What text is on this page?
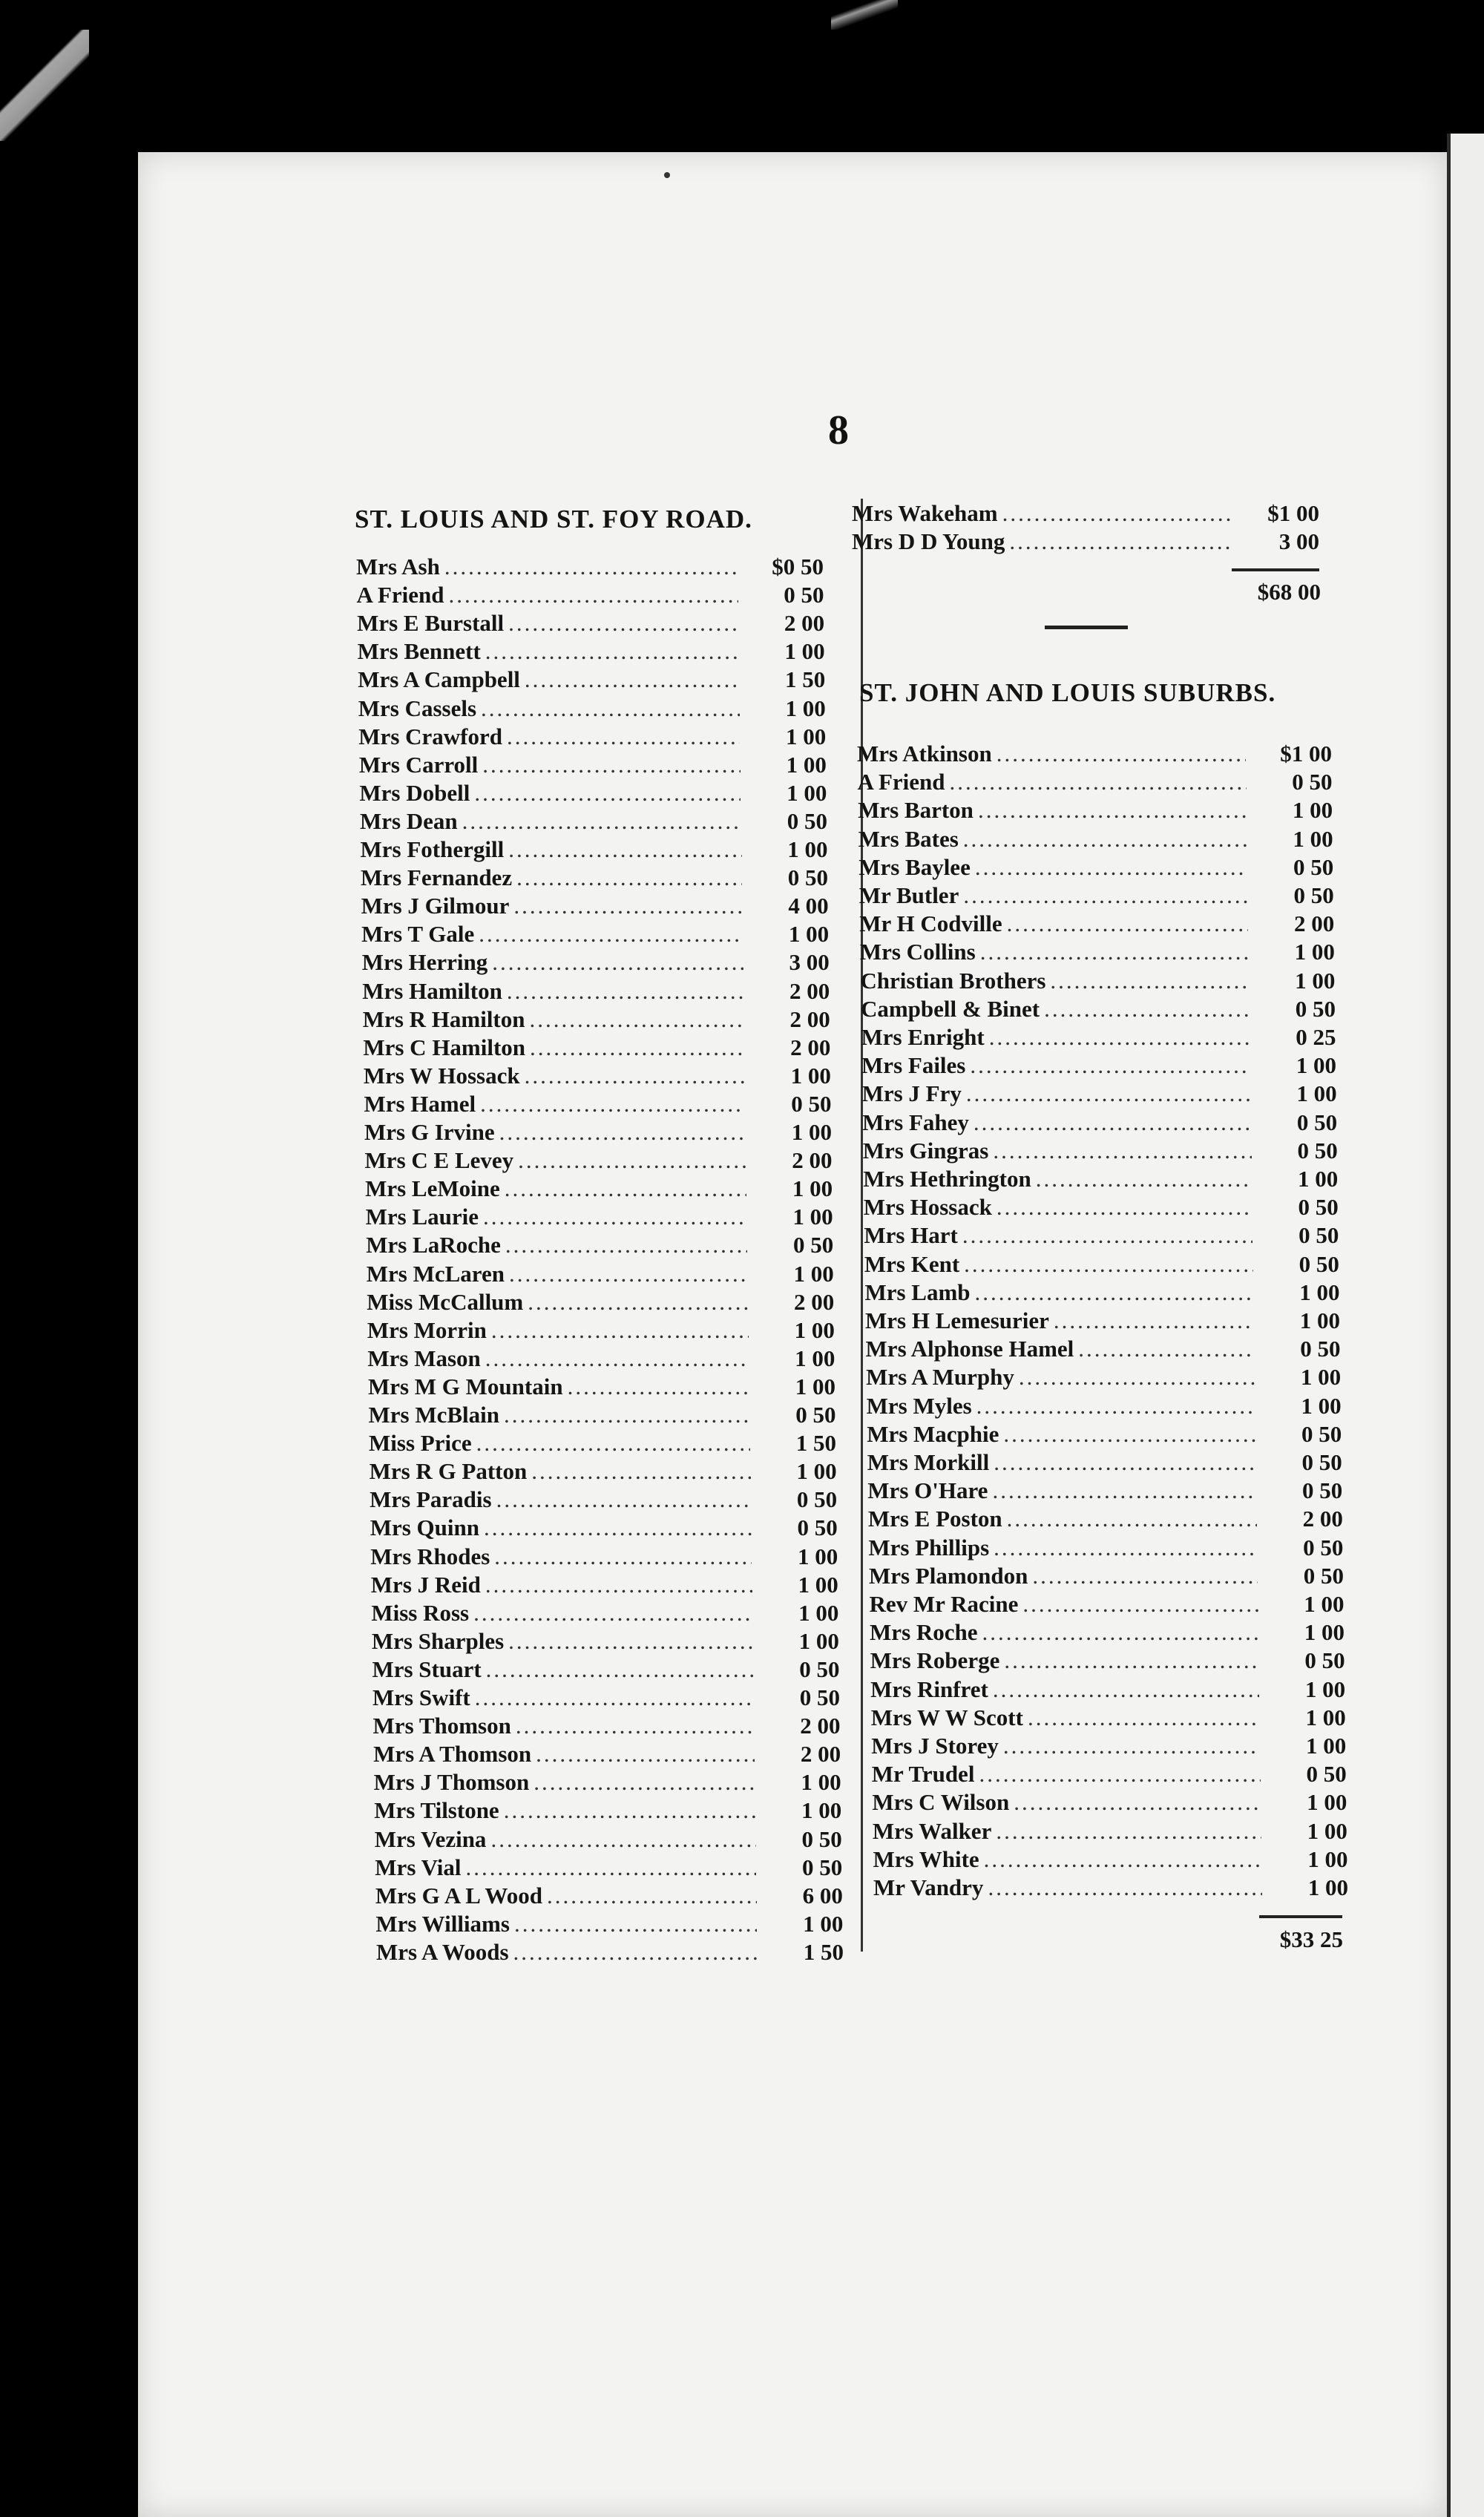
8
ST. LOUIS AND ST. FOY ROAD.
Mrs Ash .....	$0 50
A Friend .....	0 50
Mrs E Burstall .....	2 00
Mrs Bennett .....	1 00
Mrs A Campbell .....	1 50
Mrs Cassels .....	1 00
Mrs Crawford .....	1 00
Mrs Carroll .....	1 00
Mrs Dobell .....	1 00
Mrs Dean .....	0 50
Mrs Fothergill .....	1 00
Mrs Fernandez .....	0 50
Mrs J Gilmour .....	4 00
Mrs T Gale .....	1 00
Mrs Herring .....	3 00
Mrs Hamilton .....	2 00
Mrs R Hamilton .....	2 00
Mrs C Hamilton .....	2 00
Mrs W Hossack .....	1 00
Mrs Hamel .....	0 50
Mrs G Irvine .....	1 00
Mrs C E Levey .....	2 00
Mrs LeMoine .....	1 00
Mrs Laurie .....	1 00
Mrs LaRoche .....	0 50
Mrs McLaren .....	1 00
Miss McCallum .....	2 00
Mrs Morrin .....	1 00
Mrs Mason .....	1 00
Mrs M G Mountain .....	1 00
Mrs McBlain .....	0 50
Miss Price .....	1 50
Mrs R G Patton .....	1 00
Mrs Paradis .....	0 50
Mrs Quinn .....	0 50
Mrs Rhodes .....	1 00
Mrs J Reid .....	1 00
Miss Ross .....	1 00
Mrs Sharples .....	1 00
Mrs Stuart .....	0 50
Mrs Swift .....	0 50
Mrs Thomson .....	2 00
Mrs A Thomson .....	2 00
Mrs J Thomson .....	1 00
Mrs Tilstone .....	1 00
Mrs Vezina .....	0 50
Mrs Vial .....	0 50
Mrs G A L Wood .....	6 00
Mrs Williams .....	1 00
Mrs A Woods .....	1 50
Mrs Wakeham .....	$1 00
Mrs D D Young .....	3 00
$68 00
ST. JOHN AND LOUIS SUBURBS.
Mrs Atkinson .....	$1 00
A Friend .....	0 50
Mrs Barton .....	1 00
Mrs Bates .....	1 00
Mrs Baylee .....	0 50
Mr Butler .....	0 50
Mr H Codville .....	2 00
Mrs Collins .....	1 00
Christian Brothers .....	1 00
Campbell & Binet .....	0 50
Mrs Enright .....	0 25
Mrs Failes .....	1 00
Mrs J Fry .....	1 00
Mrs Fahey .....	0 50
Mrs Gingras .....	0 50
Mrs Hethrington .....	1 00
Mrs Hossack .....	0 50
Mrs Hart .....	0 50
Mrs Kent .....	0 50
Mrs Lamb .....	1 00
Mrs H Lemesurier .....	1 00
Mrs Alphonse Hamel .....	0 50
Mrs A Murphy .....	1 00
Mrs Myles .....	1 00
Mrs Macphie .....	0 50
Mrs Morkill .....	0 50
Mrs O'Hare .....	0 50
Mrs E Poston .....	2 00
Mrs Phillips .....	0 50
Mrs Plamondon .....	0 50
Rev Mr Racine .....	1 00
Mrs Roche .....	1 00
Mrs Roberge .....	0 50
Mrs Rinfret .....	1 00
Mrs W W Scott .....	1 00
Mrs J Storey .....	1 00
Mr Trudel .....	0 50
Mrs C Wilson .....	1 00
Mrs Walker .....	1 00
Mrs White .....	1 00
Mr Vandry .....	1 00
$33 25
